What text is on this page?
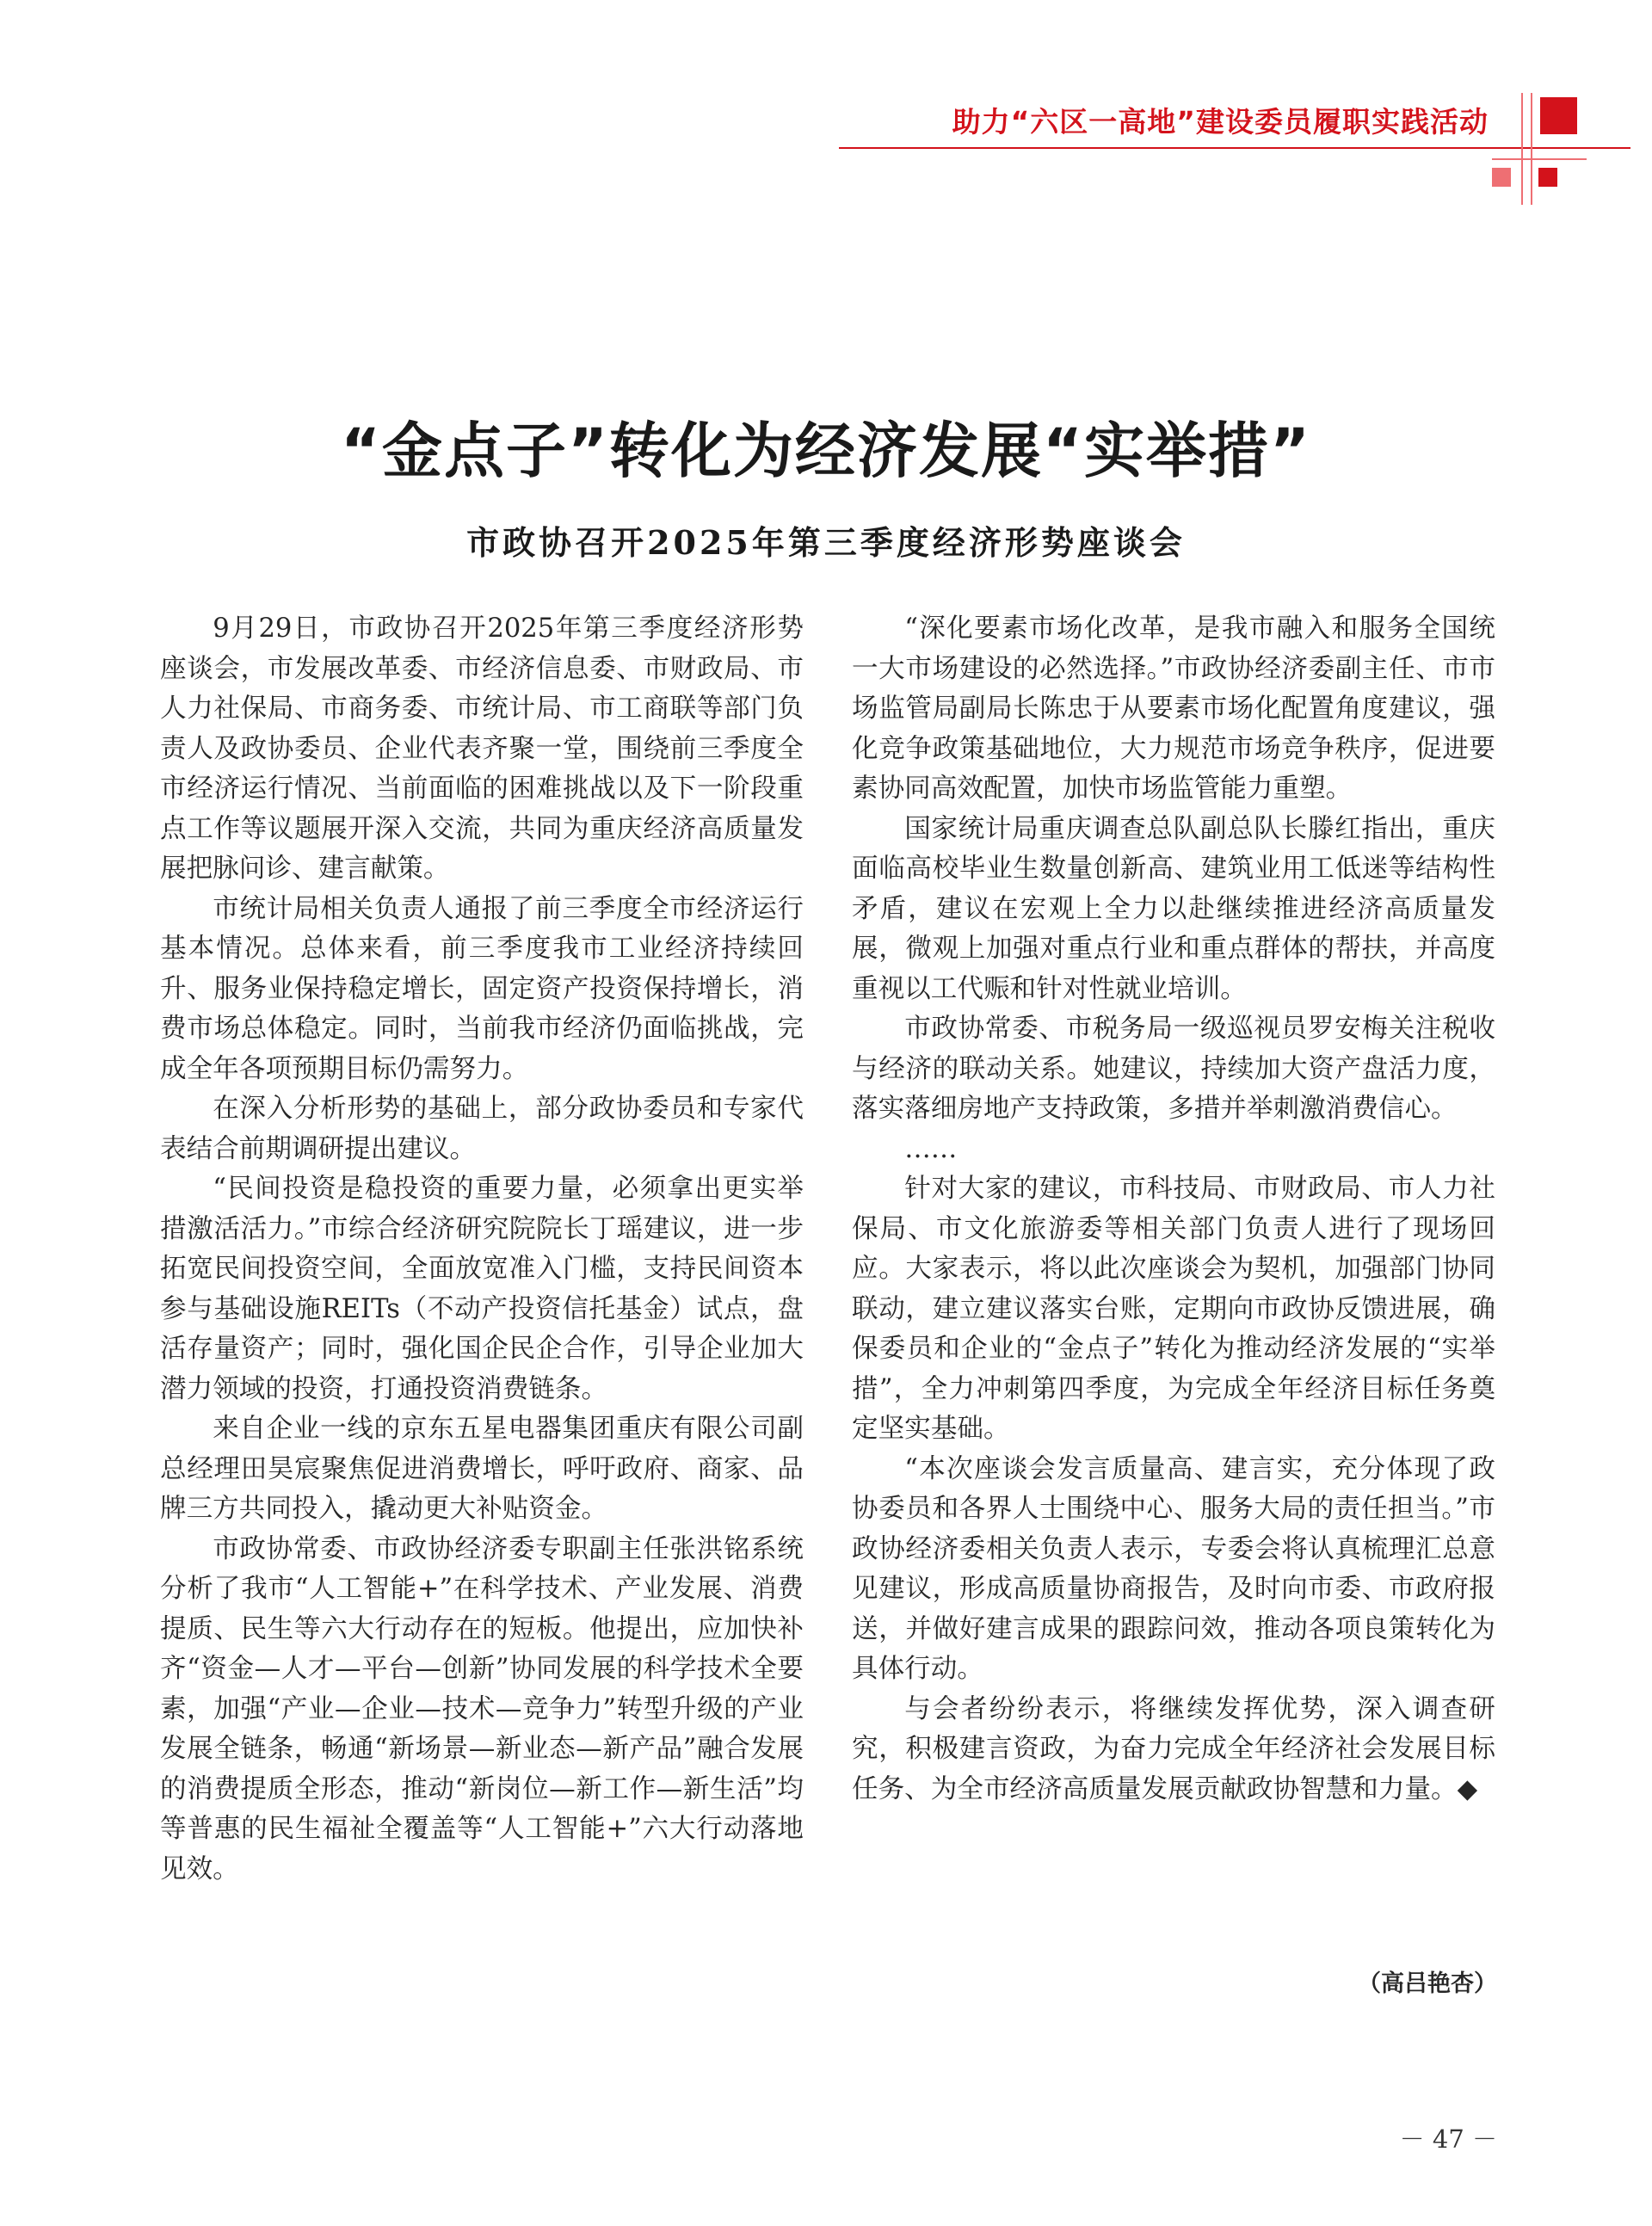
助力“六区一高地”建设委员履职实践活动
“金点子”转化为经济发展“实举措”
市政协召开2025年第三季度经济形势座谈会

9月29日，市政协召开2025年第三季度经济形势座谈会，市发展改革委、市经济信息委、市财政局、市人力社保局、市商务委、市统计局、市工商联等部门负责人及政协委员、企业代表齐聚一堂，围绕前三季度全市经济运行情况、当前面临的困难挑战以及下一阶段重点工作等议题展开深入交流，共同为重庆经济高质量发展把脉问诊、建言献策。

市统计局相关负责人通报了前三季度全市经济运行基本情况。总体来看，前三季度我市工业经济持续回升、服务业保持稳定增长，固定资产投资保持增长，消费市场总体稳定。同时，当前我市经济仍面临挑战，完成全年各项预期目标仍需努力。

在深入分析形势的基础上，部分政协委员和专家代表结合前期调研提出建议。

“民间投资是稳投资的重要力量，必须拿出更实举措激活活力。”市综合经济研究院院长丁瑶建议，进一步拓宽民间投资空间，全面放宽准入门槛，支持民间资本参与基础设施REITs（不动产投资信托基金）试点，盘活存量资产；同时，强化国企民企合作，引导企业加大潜力领域的投资，打通投资消费链条。

来自企业一线的京东五星电器集团重庆有限公司副总经理田昊宸聚焦促进消费增长，呼吁政府、商家、品牌三方共同投入，撬动更大补贴资金。

市政协常委、市政协经济委专职副主任张洪铭系统分析了我市“人工智能+”在科学技术、产业发展、消费提质、民生等六大行动存在的短板。他提出，应加快补齐“资金—人才—平台—创新”协同发展的科学技术全要素，加强“产业—企业—技术—竞争力”转型升级的产业发展全链条，畅通“新场景—新业态—新产品”融合发展的消费提质全形态，推动“新岗位—新工作—新生活”均等普惠的民生福祉全覆盖等“人工智能+”六大行动落地见效。

“深化要素市场化改革，是我市融入和服务全国统一大市场建设的必然选择。”市政协经济委副主任、市市场监管局副局长陈忠于从要素市场化配置角度建议，强化竞争政策基础地位，大力规范市场竞争秩序，促进要素协同高效配置，加快市场监管能力重塑。

国家统计局重庆调查总队副总队长滕红指出，重庆面临高校毕业生数量创新高、建筑业用工低迷等结构性矛盾，建议在宏观上全力以赴继续推进经济高质量发展，微观上加强对重点行业和重点群体的帮扶，并高度重视以工代赈和针对性就业培训。

市政协常委、市税务局一级巡视员罗安梅关注税收与经济的联动关系。她建议，持续加大资产盘活力度，落实落细房地产支持政策，多措并举刺激消费信心。

……

针对大家的建议，市科技局、市财政局、市人力社保局、市文化旅游委等相关部门负责人进行了现场回应。大家表示，将以此次座谈会为契机，加强部门协同联动，建立建议落实台账，定期向市政协反馈进展，确保委员和企业的“金点子”转化为推动经济发展的“实举措”，全力冲刺第四季度，为完成全年经济目标任务奠定坚实基础。

“本次座谈会发言质量高、建言实，充分体现了政协委员和各界人士围绕中心、服务大局的责任担当。”市政协经济委相关负责人表示，专委会将认真梳理汇总意见建议，形成高质量协商报告，及时向市委、市政府报送，并做好建言成果的跟踪问效，推动各项良策转化为具体行动。

与会者纷纷表示，将继续发挥优势，深入调查研究，积极建言资政，为奋力完成全年经济社会发展目标任务、为全市经济高质量发展贡献政协智慧和力量。◆

（高吕艳杏）
－ 47 －
